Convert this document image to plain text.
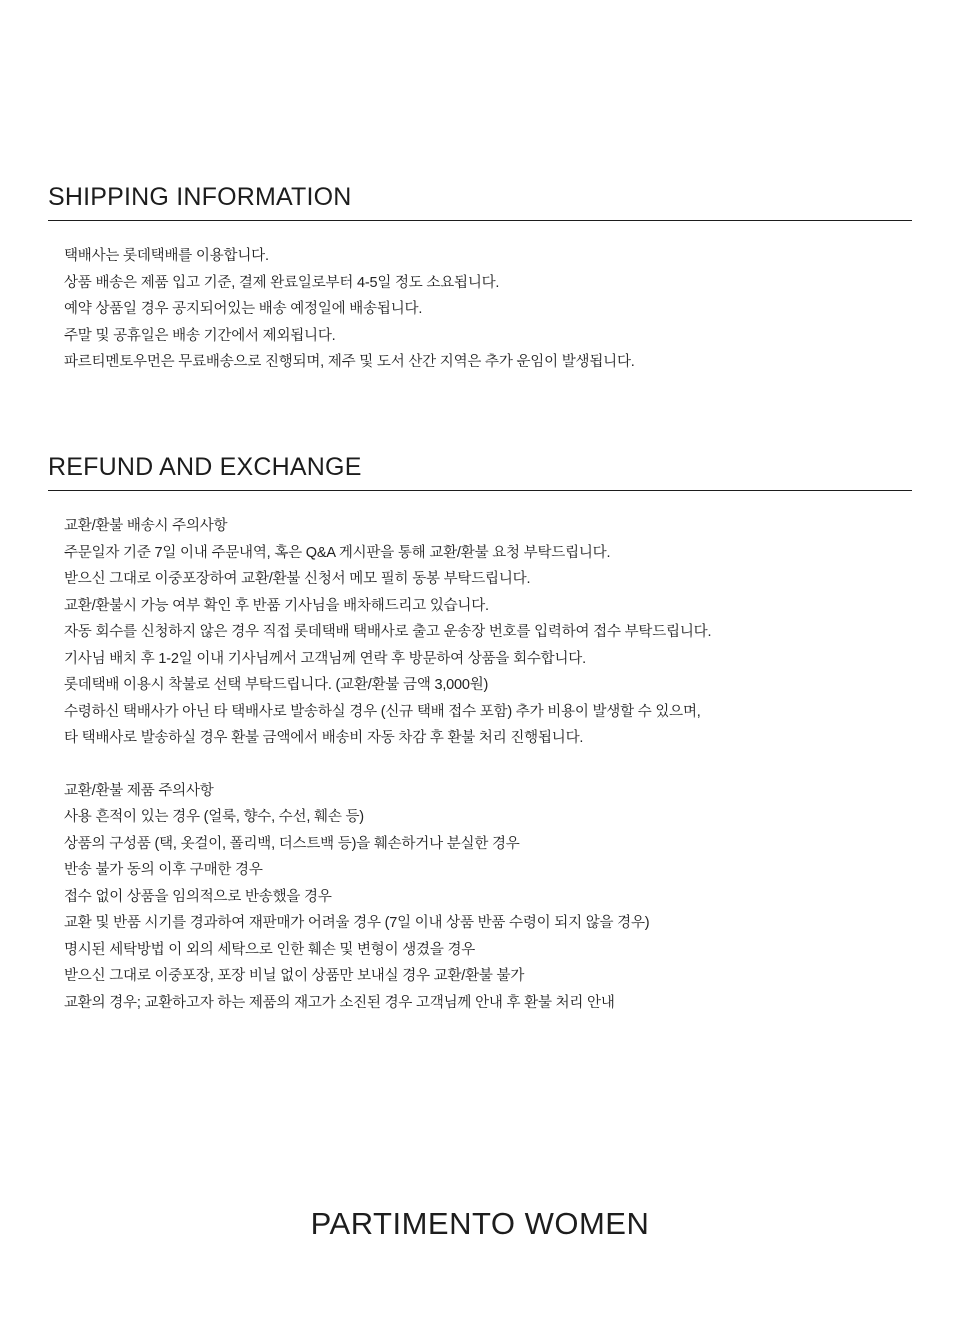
SHIPPING INFORMATION
택배사는 롯데택배를 이용합니다.
상품 배송은 제품 입고 기준, 결제 완료일로부터 4-5일 정도 소요됩니다.
예약 상품일 경우 공지되어있는 배송 예정일에 배송됩니다.
주말 및 공휴일은 배송 기간에서 제외됩니다.
파르티멘토우먼은 무료배송으로 진행되며, 제주 및 도서 산간 지역은 추가 운임이 발생됩니다.
REFUND AND EXCHANGE
교환/환불 배송시 주의사항
주문일자 기준 7일 이내 주문내역, 혹은 Q&A 게시판을 통해 교환/환불 요청 부탁드립니다.
받으신 그대로 이중포장하여 교환/환불 신청서 메모 필히 동봉 부탁드립니다.
교환/환불시 가능 여부 확인 후 반품 기사님을 배차해드리고 있습니다.
자동 회수를 신청하지 않은 경우 직접 롯데택배 택배사로 출고 운송장 번호를 입력하여 접수 부탁드립니다.
기사님 배치 후 1-2일 이내 기사님께서 고객님께 연락 후 방문하여 상품을 회수합니다.
롯데택배 이용시 착불로 선택 부탁드립니다. (교환/환불 금액 3,000원)
수령하신 택배사가 아닌 타 택배사로 발송하실 경우 (신규 택배 접수 포함) 추가 비용이 발생할 수 있으며,
타 택배사로 발송하실 경우 환불 금액에서 배송비 자동 차감 후 환불 처리 진행됩니다.
교환/환불 제품 주의사항
사용 흔적이 있는 경우 (얼룩, 향수, 수선, 훼손 등)
상품의 구성품 (택, 옷걸이, 폴리백, 더스트백 등)을 훼손하거나 분실한 경우
반송 불가 동의 이후 구매한 경우
접수 없이 상품을 임의적으로 반송했을 경우
교환 및 반품 시기를 경과하여 재판매가 어려울 경우 (7일 이내 상품 반품 수령이 되지 않을 경우)
명시된 세탁방법 이 외의 세탁으로 인한 훼손 및 변형이 생겼을 경우
받으신 그대로 이중포장, 포장 비닐 없이 상품만 보내실 경우 교환/환불 불가
교환의 경우; 교환하고자 하는 제품의 재고가 소진된 경우 고객님께 안내 후 환불 처리 안내
PARTIMENTO WOMEN
